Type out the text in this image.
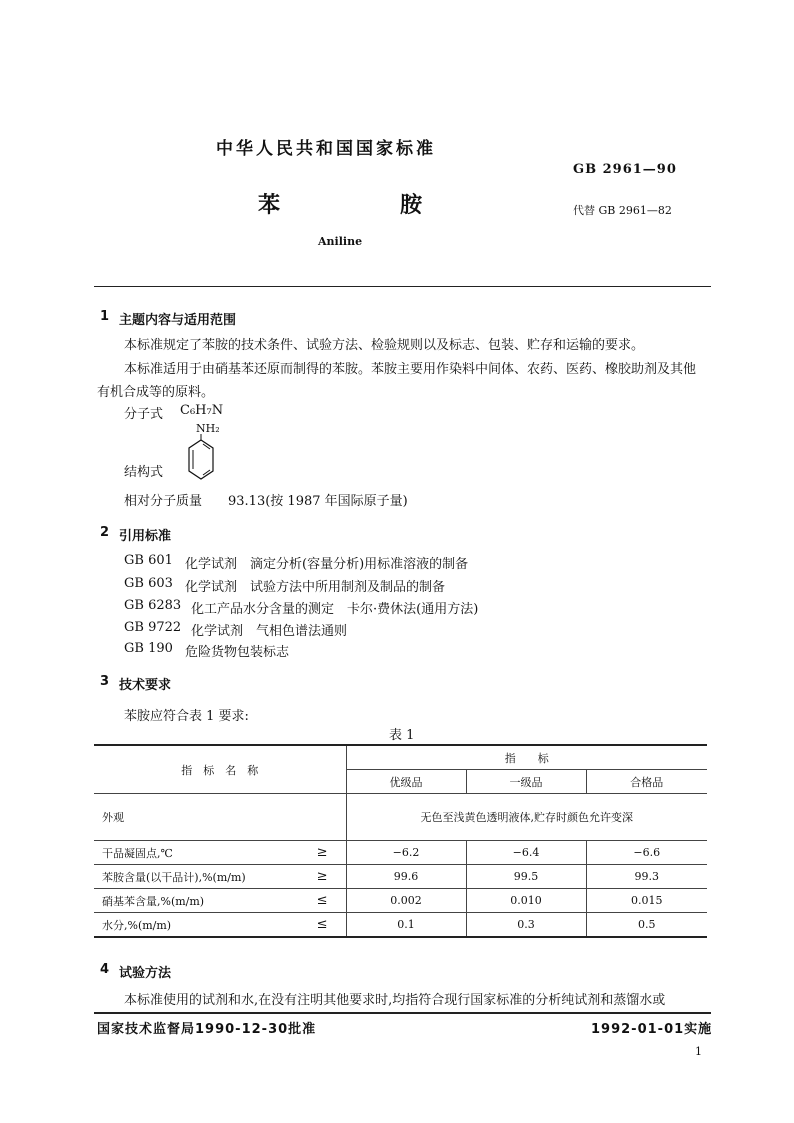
中华人民共和国国家标准
GB 2961—90
苯	胺	代替 GB 2961—82
Aniline
1 主题内容与适用范围
本标准规定了苯胺的技术条件、试验方法、检验规则以及标志、包装、贮存和运输的要求。
本标准适用于由硝基苯还原而制得的苯胺。苯胺主要用作染料中间体、农药、医药、橡胶助剂及其他
有机合成等的原料。
分子式 C₆H₇N
NH₂
结构式
相对分子质量 93.13(按 1987 年国际原子量)
2 引用标准
GB 601 化学试剂　滴定分析(容量分析)用标准溶液的制备
GB 603 化学试剂　试验方法中所用制剂及制品的制备
GB 6283 化工产品水分含量的测定　卡尔·费休法(通用方法)
GB 9722 化学试剂　气相色谱法通则
GB 190 危险货物包装标志
3 技术要求
苯胺应符合表 1 要求:
表 1
指　标　名　称	指　　标		
	优级品	一级品	合格品
外观	无色至浅黄色透明液体,贮存时颜色允许变深		
干品凝固点,℃ ≥	−6.2	−6.4	−6.6
苯胺含量(以干品计),%(m/m) ≥	99.6	99.5	99.3
硝基苯含量,%(m/m) ≤	0.002	0.010	0.015
水分,%(m/m) ≤	0.1	0.3	0.5
4 试验方法
本标准使用的试剂和水,在没有注明其他要求时,均指符合现行国家标准的分析纯试剂和蒸馏水或
国家技术监督局1990-12-30批准	1992-01-01实施
1
